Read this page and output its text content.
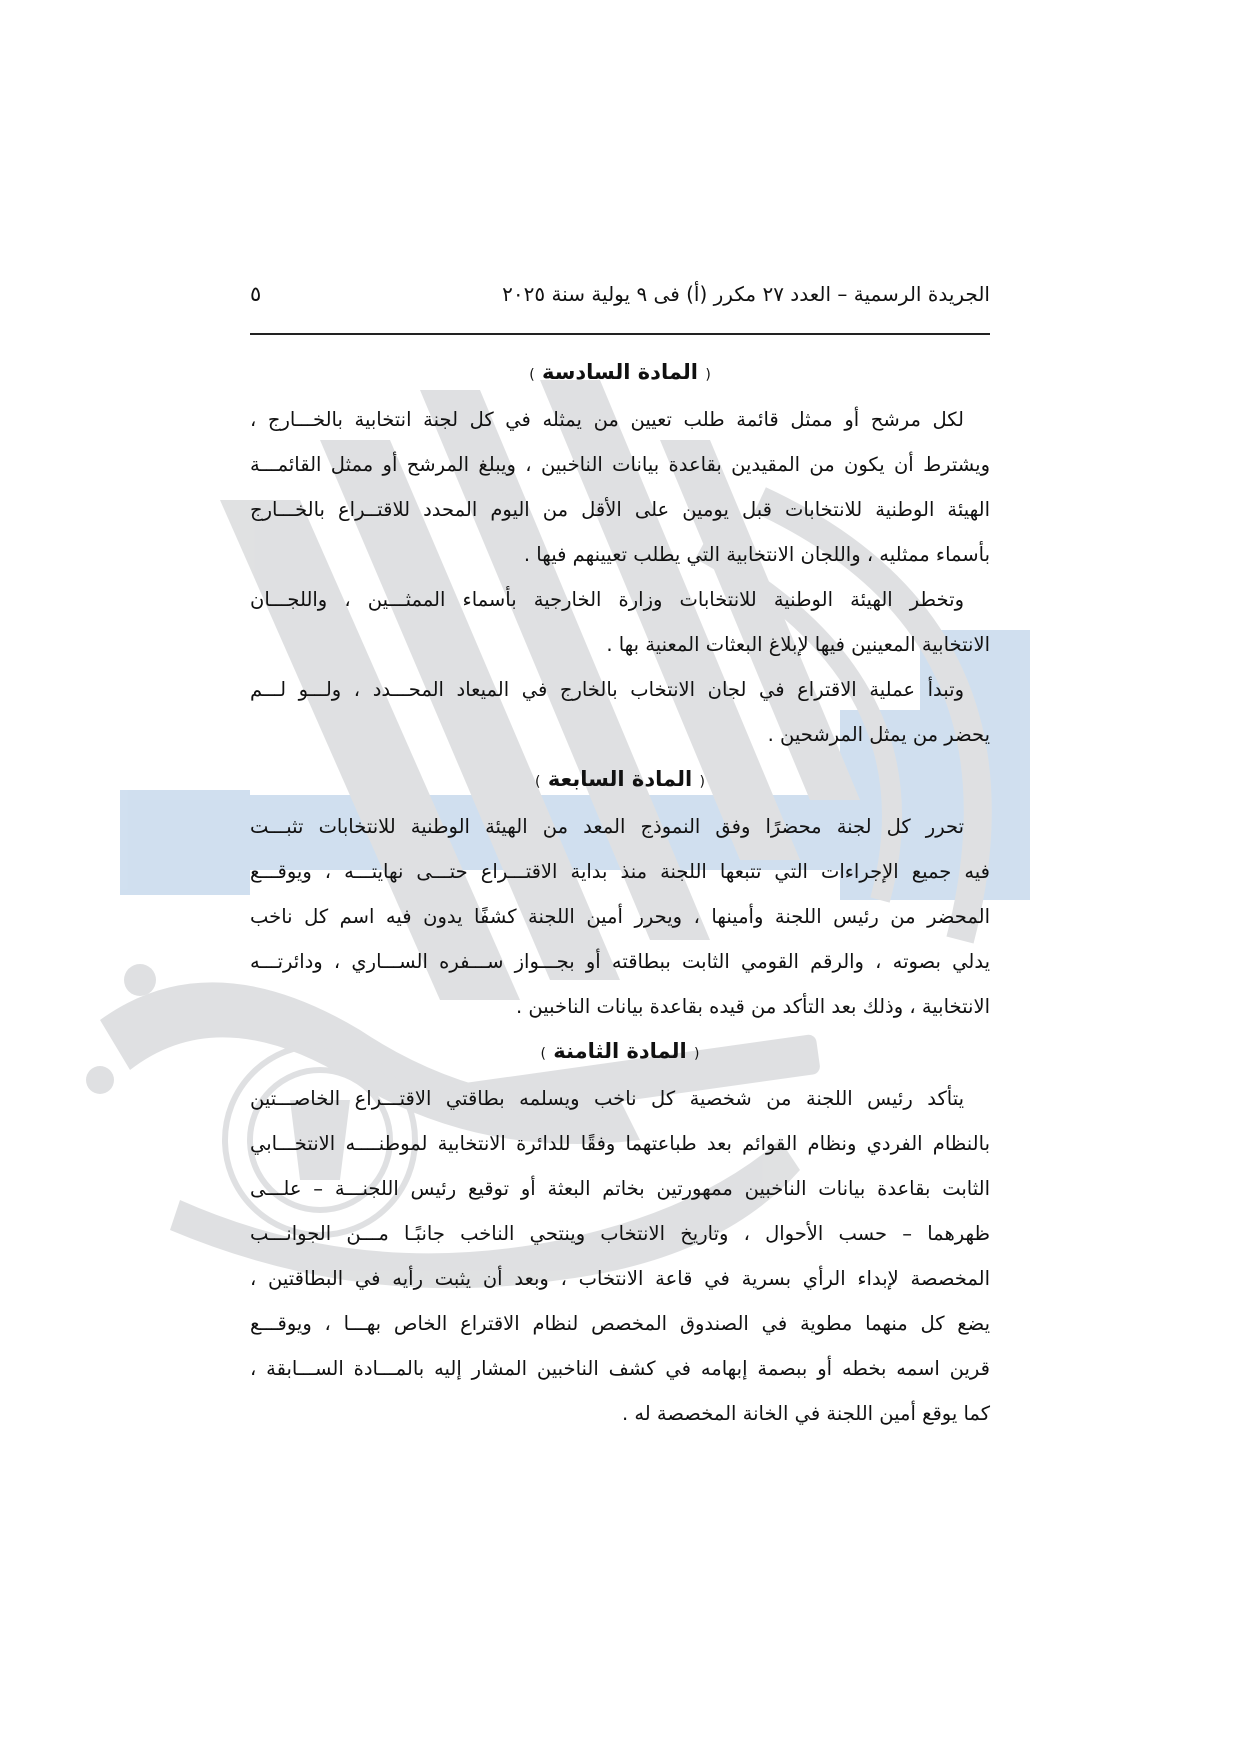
الجريدة الرسمية – العدد ٢٧ مكرر (أ) فى ٩ يولية سنة ٢٠٢٥
٥
( المادة السادسة )

لكل مرشح أو ممثل قائمة طلب تعيين من يمثله في كل لجنة انتخابية بالخـــارج ،
ويشترط أن يكون من المقيدين بقاعدة بيانات الناخبين ، ويبلغ المرشح أو ممثل القائمـــة
الهيئة الوطنية للانتخابات قبل يومين على الأقل من اليوم المحدد للاقتــراع بالخـــارج
بأسماء ممثليه ، واللجان الانتخابية التي يطلب تعيينهم فيها .

وتخطر الهيئة الوطنية للانتخابات وزارة الخارجية بأسماء الممثـــين ، واللجـــان
الانتخابية المعينين فيها لإبلاغ البعثات المعنية بها .

وتبدأ عملية الاقتراع في لجان الانتخاب بالخارج في الميعاد المحـــدد ، ولـــو لـــم
يحضر من يمثل المرشحين .

( المادة السابعة )

تحرر كل لجنة محضرًا وفق النموذج المعد من الهيئة الوطنية للانتخابات تثبـــت
فيه جميع الإجراءات التي تتبعها اللجنة منذ بداية الاقتـــراع حتـــى نهايتـــه ، ويوقـــع
المحضر من رئيس اللجنة وأمينها ، ويحرر أمين اللجنة كشفًا يدون فيه اسم كل ناخب
يدلي بصوته ، والرقم القومي الثابت ببطاقته أو بجـــواز ســـفره الســـاري ، ودائرتـــه
الانتخابية ، وذلك بعد التأكد من قيده بقاعدة بيانات الناخبين .

( المادة الثامنة )

يتأكد رئيس اللجنة من شخصية كل ناخب ويسلمه بطاقتي الاقتـــراع الخاصـــتين
بالنظام الفردي ونظام القوائم بعد طباعتهما وفقًا للدائرة الانتخابية لموطنــــه الانتخـــابي
الثابت بقاعدة بيانات الناخبين ممهورتين بخاتم البعثة أو توقيع رئيس اللجنـــة – علـــى
ظهرهما – حسب الأحوال ، وتاريخ الانتخاب وينتحي الناخب جانبًـا مـــن الجوانـــب
المخصصة لإبداء الرأي بسرية في قاعة الانتخاب ، وبعد أن يثبت رأيه في البطاقتين ،
يضع كل منهما مطوية في الصندوق المخصص لنظام الاقتراع الخاص بهـــا ، ويوقـــع
قرين اسمه بخطه أو ببصمة إبهامه في كشف الناخبين المشار إليه بالمـــادة الســـابقة ،
كما يوقع أمين اللجنة في الخانة المخصصة له .
